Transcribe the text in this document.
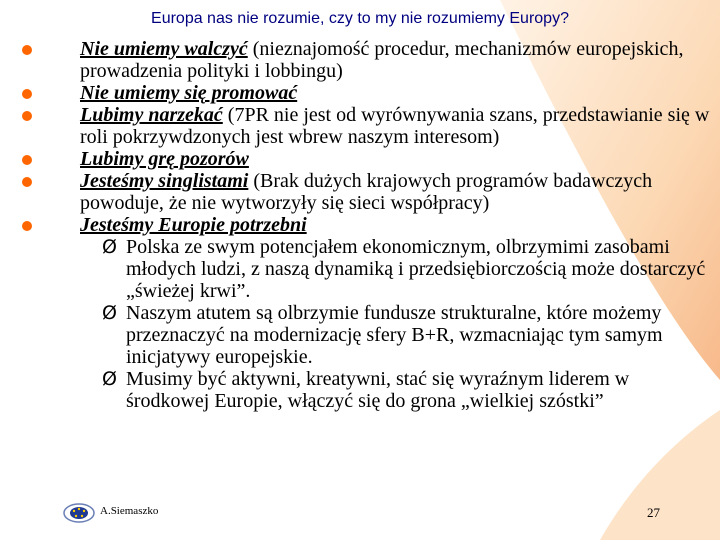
Europa nas nie rozumie, czy to my nie rozumiemy Europy?

Nie umiemy walczyć (nieznajomość procedur, mechanizmów europejskich, prowadzenia polityki i lobbingu)

Nie umiemy się promować

Lubimy narzekać (7PR nie jest od wyrównywania szans, przedstawianie się w roli pokrzywdzonych jest wbrew naszym interesom)

Lubimy grę pozorów

Jesteśmy singlistami (Brak dużych krajowych programów badawczych powoduje, że nie wytworzyły się sieci współpracy)

Jesteśmy Europie potrzebni

Ø Polska ze swym potencjałem ekonomicznym, olbrzymimi zasobami młodych ludzi, z naszą dynamiką i przedsiębiorczością może dostarczyć „świeżej krwi”.

Ø Naszym atutem są olbrzymie fundusze strukturalne, które możemy przeznaczyć na modernizację sfery B+R, wzmacniając tym samym inicjatywy europejskie.

Ø Musimy być aktywni, kreatywni, stać się wyraźnym liderem w środkowej Europie, włączyć się do grona „wielkiej szóstki”

A.Siemaszko	27
